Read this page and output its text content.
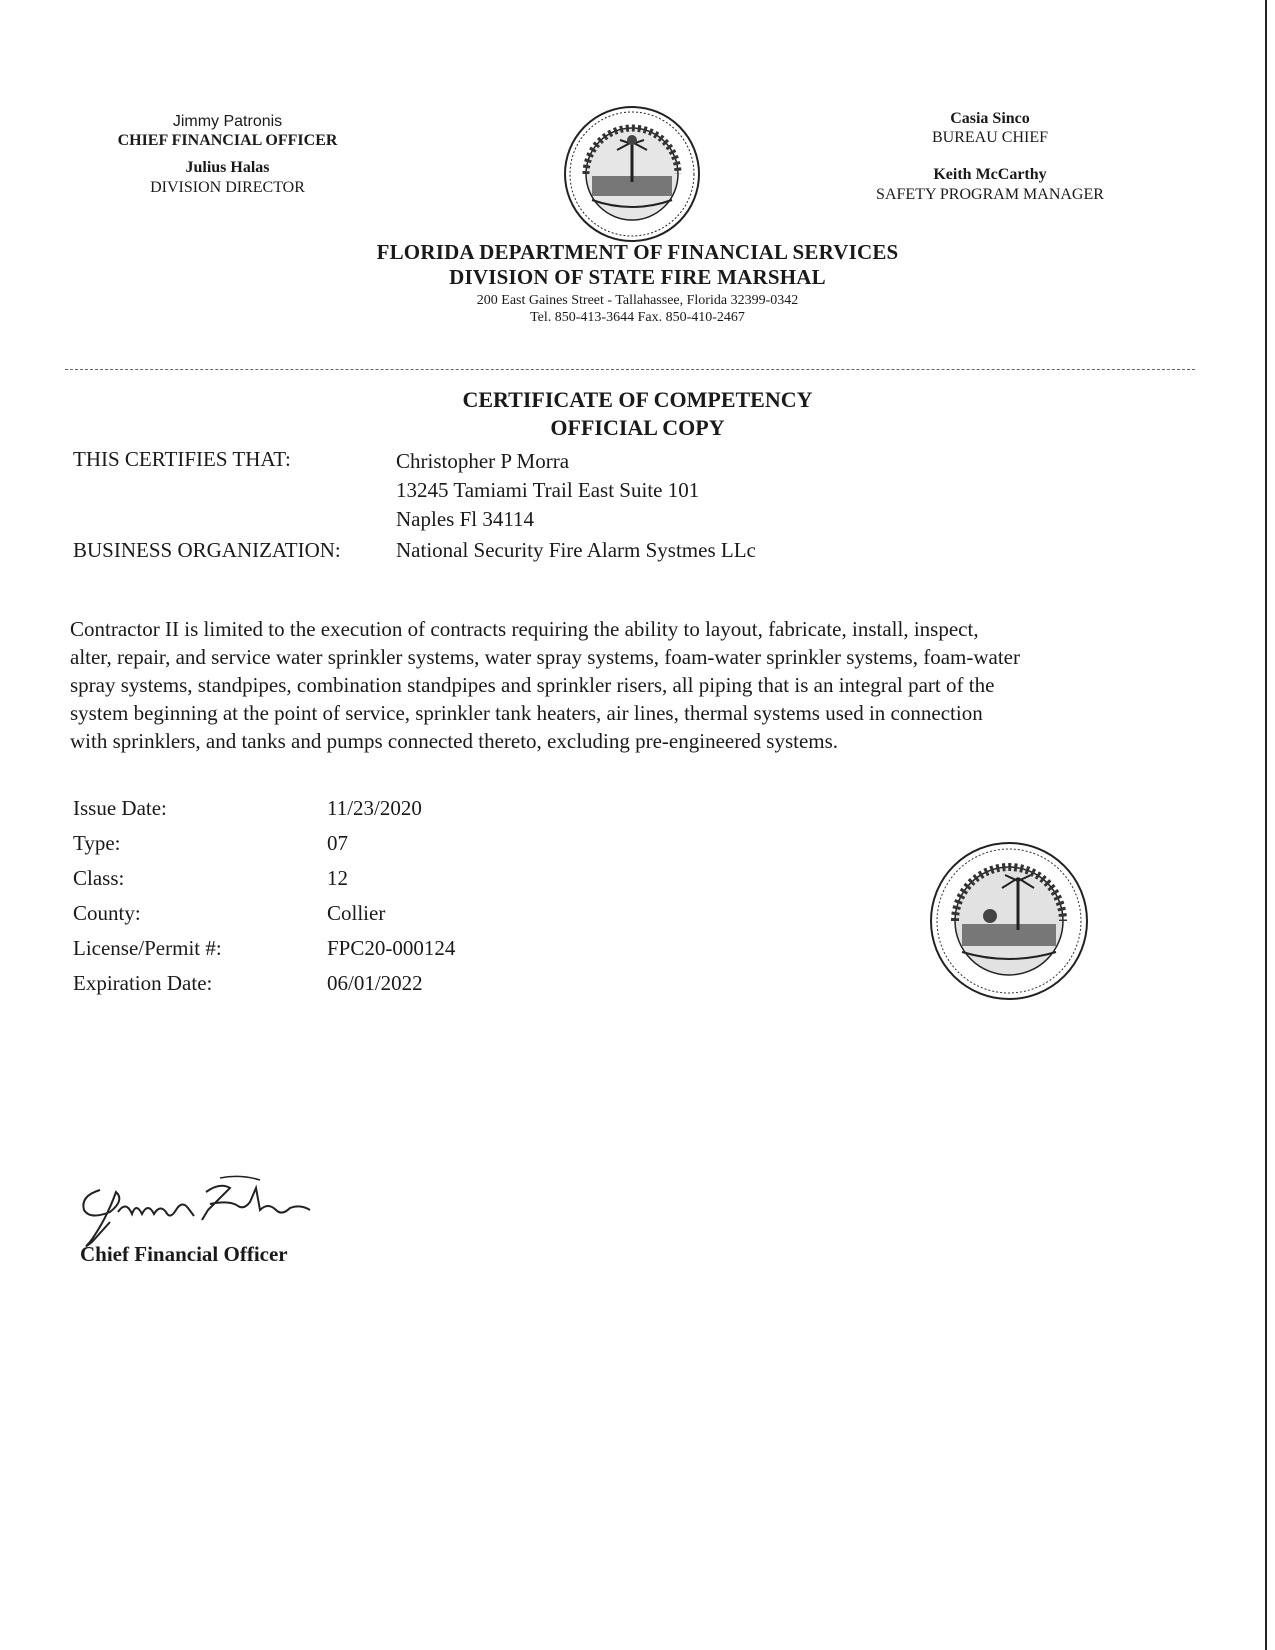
Jimmy Patronis
CHIEF FINANCIAL OFFICER
Julius Halas
DIVISION DIRECTOR
Casia Sinco
BUREAU CHIEF
Keith McCarthy
SAFETY PROGRAM MANAGER
FLORIDA DEPARTMENT OF FINANCIAL SERVICES
DIVISION OF STATE FIRE MARSHAL
200 East Gaines Street - Tallahassee, Florida 32399-0342
Tel. 850-413-3644 Fax. 850-410-2467
CERTIFICATE OF COMPETENCY
OFFICIAL COPY
THIS CERTIFIES THAT:	Christopher P Morra
13245 Tamiami Trail East Suite 101
Naples Fl 34114
BUSINESS ORGANIZATION:	National Security Fire Alarm Systmes LLc
Contractor II is limited to the execution of contracts requiring the ability to layout, fabricate, install, inspect,
alter, repair, and service water sprinkler systems, water spray systems, foam-water sprinkler systems, foam-water
spray systems, standpipes, combination standpipes and sprinkler risers, all piping that is an integral part of the
system beginning at the point of service, sprinkler tank heaters, air lines, thermal systems used in connection
with sprinklers, and tanks and pumps connected thereto, excluding pre-engineered systems.
Issue Date:	11/23/2020
Type:	07
Class:	12
County:	Collier
License/Permit #:	FPC20-000124
Expiration Date:	06/01/2022
Chief Financial Officer
